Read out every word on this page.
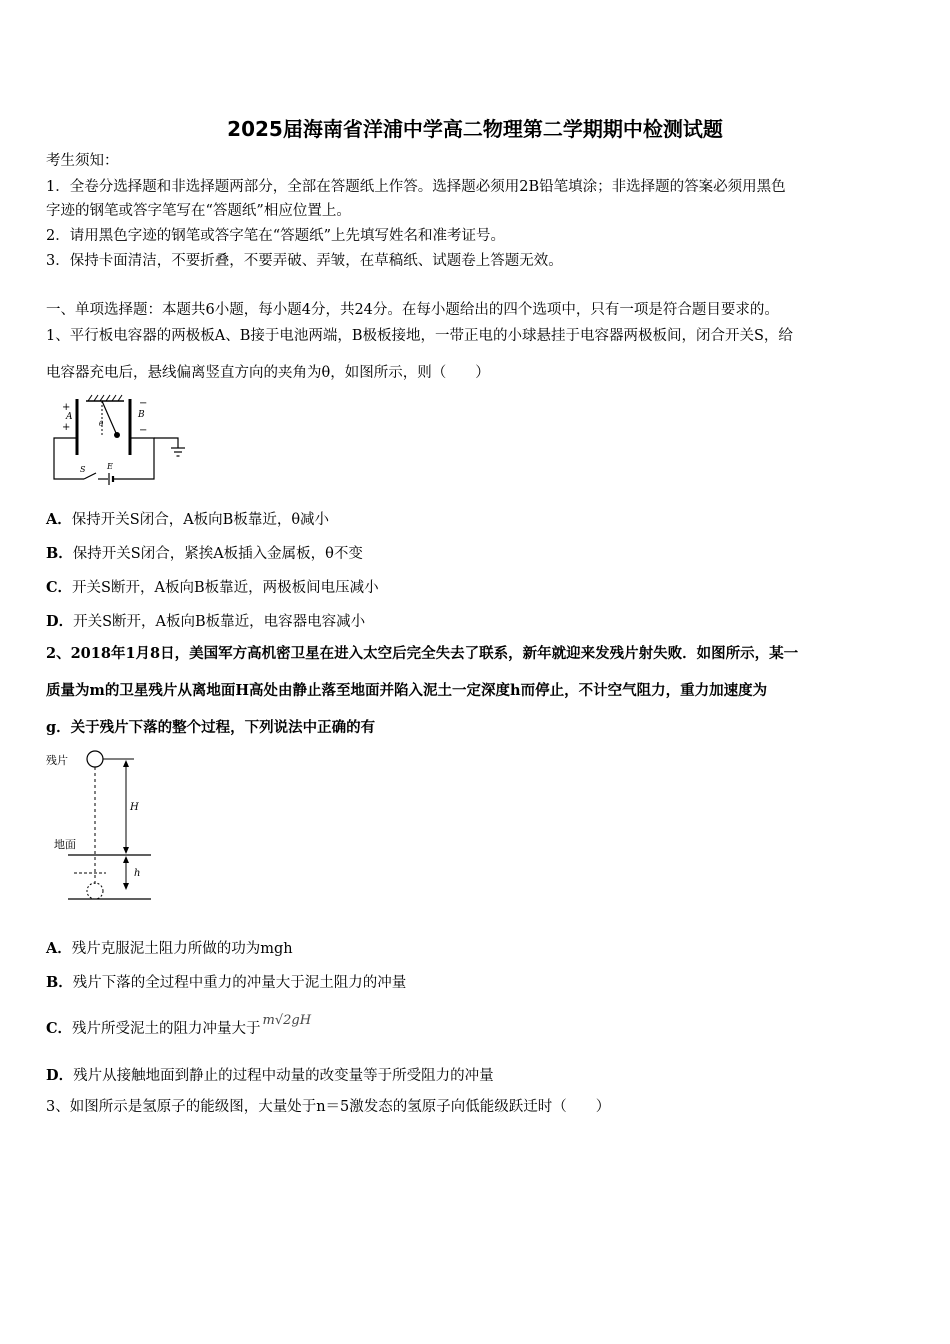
2025届海南省洋浦中学高二物理第二学期期中检测试题
考生须知：
1．全卷分选择题和非选择题两部分，全部在答题纸上作答。选择题必须用2B铅笔填涂；非选择题的答案必须用黑色
字迹的钢笔或答字笔写在“答题纸”相应位置上。
2．请用黑色字迹的钢笔或答字笔在“答题纸”上先填写姓名和准考证号。
3．保持卡面清洁，不要折叠，不要弄破、弄皱，在草稿纸、试题卷上答题无效。
一、单项选择题：本题共6小题，每小题4分，共24分。在每小题给出的四个选项中，只有一项是符合题目要求的。
1、平行板电容器的两极板A、B接于电池两端，B极板接地，一带正电的小球悬挂于电容器两极板间，闭合开关S，给
电容器充电后，悬线偏离竖直方向的夹角为θ，如图所示，则（　　）
+
A
+
−
B
−
θ
S	E
A．保持开关S闭合，A板向B板靠近，θ减小
B．保持开关S闭合，紧挨A板插入金属板，θ不变
C．开关S断开，A板向B板靠近，两极板间电压减小
D．开关S断开，A板向B板靠近，电容器电容减小
2、2018年1月8日，美国军方高机密卫星在进入太空后完全失去了联系，新年就迎来发残片射失败．如图所示，某一
质量为m的卫星残片从离地面H高处由静止落至地面并陷入泥土一定深度h而停止，不计空气阻力，重力加速度为
g．关于残片下落的整个过程，下列说法中正确的有
残片
H
地面
h
A．残片克服泥土阻力所做的功为mgh
B．残片下落的全过程中重力的冲量大于泥土阻力的冲量
C．残片所受泥土的阻力冲量大于m√2gH
D．残片从接触地面到静止的过程中动量的改变量等于所受阻力的冲量
3、如图所示是氢原子的能级图，大量处于n＝5激发态的氢原子向低能级跃迁时（　　）
